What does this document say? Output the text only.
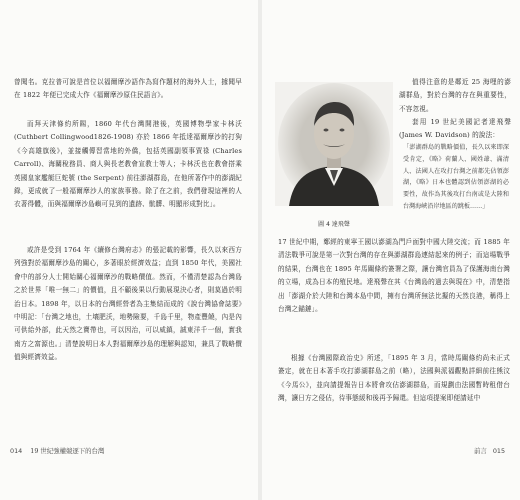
曾聞名。克拉普可說是首位以福爾摩沙語作為寫作題材的海外人士，據聞早在 1822 年便已完成大作《福爾摩沙原住民語言》。

而拜天津條約所賜，1860 年代台灣開港後，英國博物學家卡林沃 (Cuthbert Collingwood1826-1908) 亦於 1866 年抵達福爾摩沙的打狗《今高雄旗後》，並接觸傳習當地的外僑，包括英國副領事賈祿 (Charles Carroll)、海關稅務員、商人與長老教會宣教士等人；卡林沃也在教會搭乘英國皇家艦艇巨蛇號 (the Serpent) 前往澎湖群島，在他所著作中的澎湖紀錄，更成就了一般福爾摩沙人的家族事務。除了在之前，我們發現這裡的人衣著得體，而與福爾摩沙島嶼可見到的遺跡、骯髒、明顯形成對比」。

或許是受到 1764 年《續修台灣府志》的張記載的影響，長久以來西方列強對於福爾摩沙島的關心，多著眼於經濟效益；直到 1850 年代，美國社會中的部分人士開始關心福爾摩沙的戰略價值。然而，不僅清楚認為台灣島之於世界「唯一無二」的價值，且不顧後果以行動展現決心者，則莫過於明治日本。1898 年，以日本的台灣經營者為主集結而成的《說台灣協會誌要》中明記：「台灣之地也，土壤肥沃，地勢險要，千島千里，物產豐饒，內是內可供給外部，此天然之寶帶也，可以因治，可以威鎮，誠東洋千一個，實我南方之富源也。」清楚說明日本人對福爾摩沙島的理解與認知，兼具了戰略價值與經濟效益。

014 19 世紀強權競逐下的台灣
圖 4 達飛聲

值得注意的是鄰近 25 海哩的澎湖群島，對於台灣的存在與重要性，不容忽視。

套用 19 世紀美國記者達飛聲 (James W. Davidson) 的說法：

「澎湖群島的戰略價值，長久以來即深受肯定，《略》荷蘭人、國姓爺、滿清人、法國人在攻打台灣之前都先佔領澎湖，《略》日本也體認到佔領澎湖的必要性，故作為其後攻打台南或是大陸和台灣海峽沿岸地區的跳板……」

17 世紀中期，鄭經的東寧王國以澎湖為門戶面對中國大陸交流；而 1885 年清法戰爭可說是第一次對台灣的存在與澎湖群島連結起來的例子；而這場戰爭的結果，台灣也在 1895 年馬關條約簽署之際，讓台灣官員為了保護海南台灣的立場，成為日本的殖民地。達飛聲在其《台灣島的過去與現在》中，清楚指出「澎湖介於大陸和台灣本島中間，擁有台灣所無法比擬的天然良港，稱得上台灣之錨鏈」。

根據《台灣國際政治史》所述，「1895 年 3 月，當時馬關條約尚未正式簽定，就在日本著手攻打澎湖群島之前（略），法國與派福觀點詳細前往熊汶《今馬公》，並向請提報告日本將會攻佔澎湖群島，而規劃由法國暫時租借台灣，讓日方之侵佔，待事態緩和後再予歸還。但這項提案即便請延中

前言 015
